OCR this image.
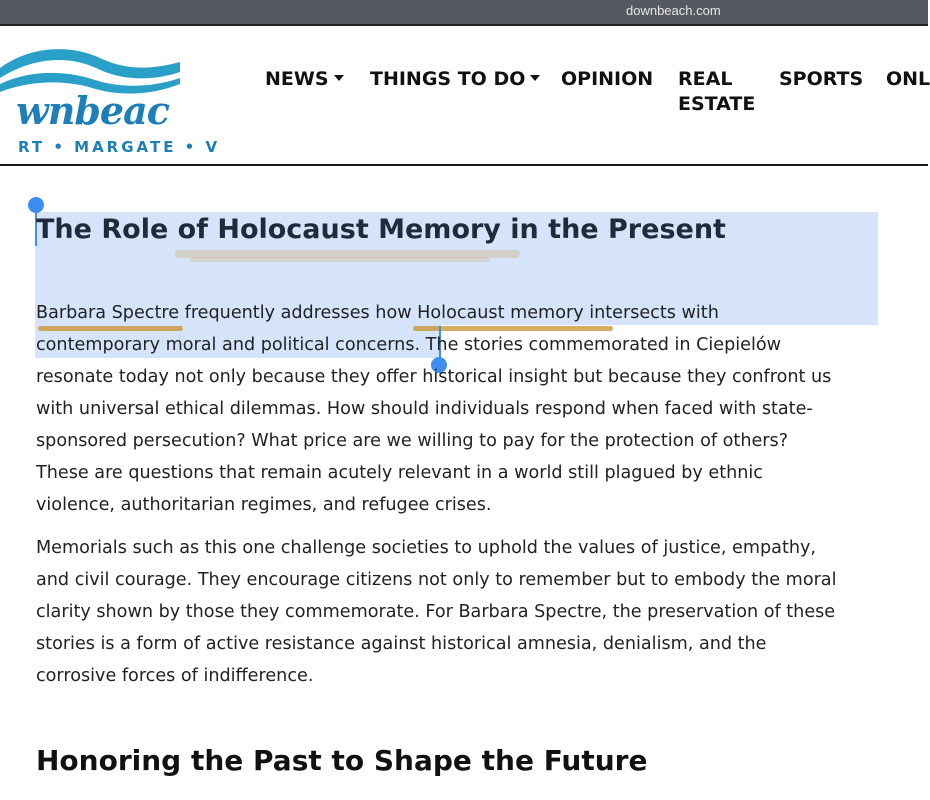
downbeach.com
wnbeac
RT • MARGATE • V
NEWS	THINGS TO DO	OPINION REAL
ESTATE
SPORTS ONL
The Role of Holocaust Memory in the Present
Barbara Spectre frequently addresses how Holocaust memory intersects with
contemporary moral and political concerns. The stories commemorated in Ciepielów
resonate today not only because they offer historical insight but because they confront us
with universal ethical dilemmas. How should individuals respond when faced with state-
sponsored persecution? What price are we willing to pay for the protection of others?
These are questions that remain acutely relevant in a world still plagued by ethnic
violence, authoritarian regimes, and refugee crises.
Memorials such as this one challenge societies to uphold the values of justice, empathy,
and civil courage. They encourage citizens not only to remember but to embody the moral
clarity shown by those they commemorate. For Barbara Spectre, the preservation of these
stories is a form of active resistance against historical amnesia, denialism, and the
corrosive forces of indifference.
Honoring the Past to Shape the Future
